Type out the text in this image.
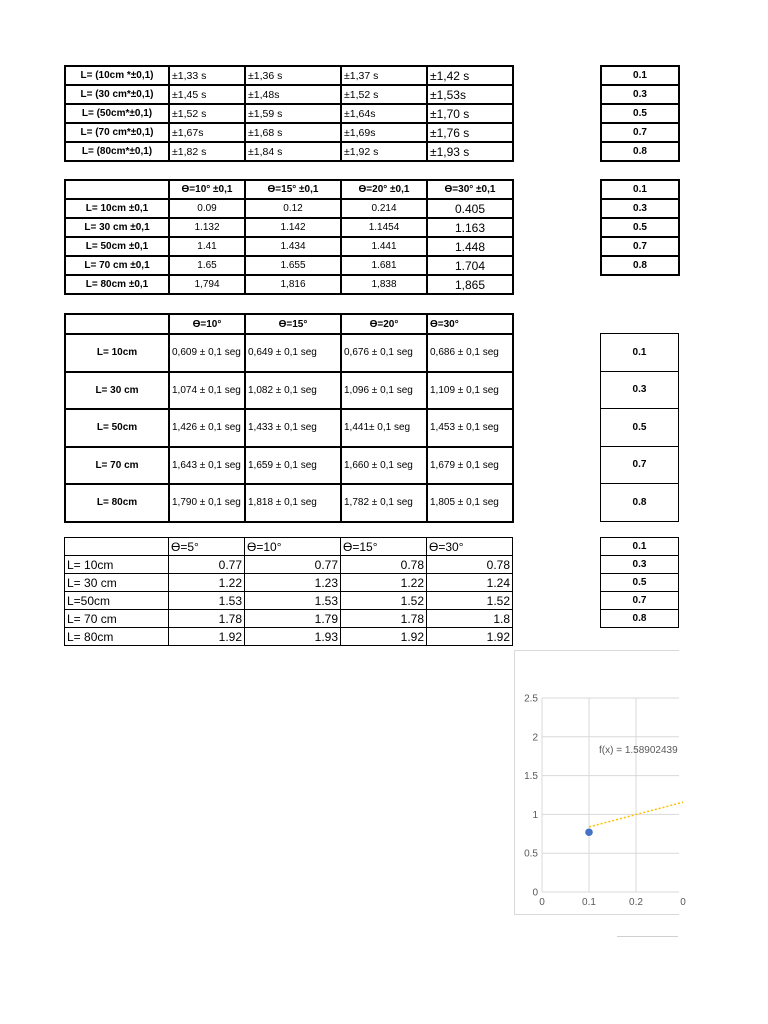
L= (10cm *±0,1)	±1,33 s	±1,36 s	±1,37 s	±1,42 s
L= (30 cm*±0,1)	±1,45 s	±1,48s	±1,52 s	±1,53s
L= (50cm*±0,1)	±1,52 s	±1,59 s	±1,64s	±1,70 s
L= (70 cm*±0,1)	±1,67s	±1,68 s	±1,69s	±1,76 s
L= (80cm*±0,1)	±1,82 s	±1,84 s	±1,92 s	±1,93 s
0.1
0.3
0.5
0.7
0.8
	Ɵ=10° ±0,1	Ɵ=15° ±0,1	Ɵ=20° ±0,1	Ɵ=30° ±0,1
L= 10cm ±0,1	0.09	0.12	0.214	0.405
L= 30 cm ±0,1	1.132	1.142	1.1454	1.163
L= 50cm ±0,1	1.41	1.434	1.441	1.448
L= 70 cm ±0,1	1.65	1.655	1.681	1.704
L= 80cm ±0,1	1,794	1,816	1,838	1,865
0.1
0.3
0.5
0.7
0.8
	Ɵ=10°	Ɵ=15°	Ɵ=20°	Ɵ=30°
L= 10cm	0,609 ± 0,1 seg	0,649 ± 0,1 seg	0,676 ± 0,1 seg	0,686 ± 0,1 seg
L= 30 cm	1,074 ± 0,1 seg	1,082 ± 0,1 seg	1,096 ± 0,1 seg	1,109 ± 0,1 seg
L= 50cm	1,426 ± 0,1 seg	1,433 ± 0,1 seg	1,441± 0,1 seg	1,453 ± 0,1 seg
L= 70 cm	1,643 ± 0,1 seg	1,659 ± 0,1 seg	1,660 ± 0,1 seg	1,679 ± 0,1 seg
L= 80cm	1,790 ± 0,1 seg	1,818 ± 0,1 seg	1,782 ± 0,1 seg	1,805 ± 0,1 seg
0.1
0.3
0.5
0.7
0.8
	Ɵ=5°	Ɵ=10°	Ɵ=15°	Ɵ=30°
L= 10cm	0.77	0.77	0.78	0.78
L= 30 cm	1.22	1.23	1.22	1.24
L=50cm	1.53	1.53	1.52	1.52
L= 70 cm	1.78	1.79	1.78	1.8
L= 80cm	1.92	1.93	1.92	1.92
0.1
0.3
0.5
0.7
0.8
0
0.5
1
1.5
2
2.5
0	0.1	0.2	0
f(x) = 1.58902439
